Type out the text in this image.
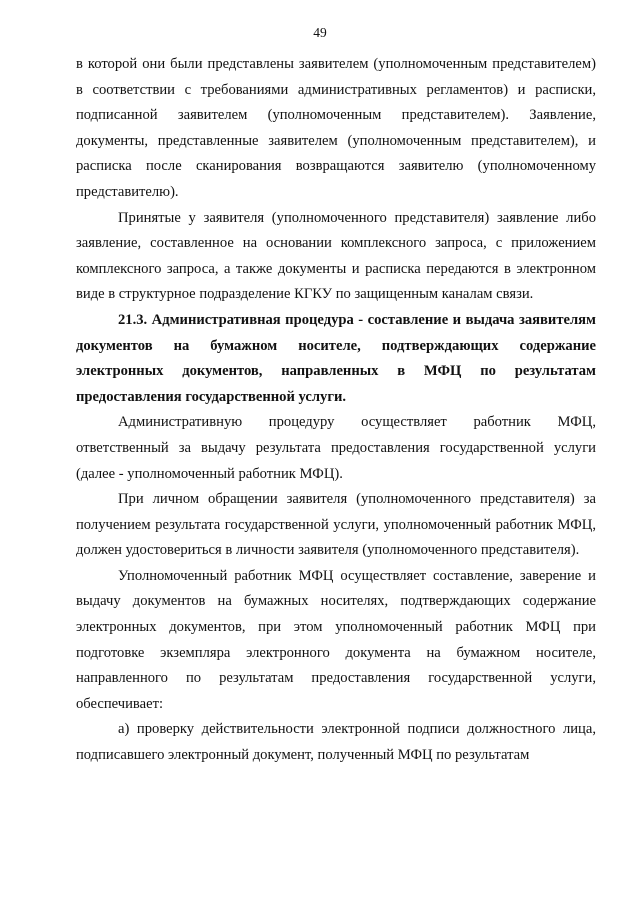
49

в которой они были представлены заявителем (уполномоченным представителем) в соответствии с требованиями административных регламентов) и расписки, подписанной заявителем (уполномоченным представителем). Заявление, документы, представленные заявителем (уполномоченным представителем), и расписка после сканирования возвращаются заявителю (уполномоченному представителю).

Принятые у заявителя (уполномоченного представителя) заявление либо заявление, составленное на основании комплексного запроса, с приложением комплексного запроса, а также документы и расписка передаются в электронном виде в структурное подразделение КГКУ по защищенным каналам связи.

21.3. Административная процедура - составление и выдача заявителям документов на бумажном носителе, подтверждающих содержание электронных документов, направленных в МФЦ по результатам предоставления государственной услуги.

Административную процедуру осуществляет работник МФЦ, ответственный за выдачу результата предоставления государственной услуги (далее - уполномоченный работник МФЦ).

При личном обращении заявителя (уполномоченного представителя) за получением результата государственной услуги, уполномоченный работник МФЦ, должен удостовериться в личности заявителя (уполномоченного представителя).

Уполномоченный работник МФЦ осуществляет составление, заверение и выдачу документов на бумажных носителях, подтверждающих содержание электронных документов, при этом уполномоченный работник МФЦ при подготовке экземпляра электронного документа на бумажном носителе, направленного по результатам предоставления государственной услуги, обеспечивает:

а) проверку действительности электронной подписи должностного лица, подписавшего электронный документ, полученный МФЦ по результатам
